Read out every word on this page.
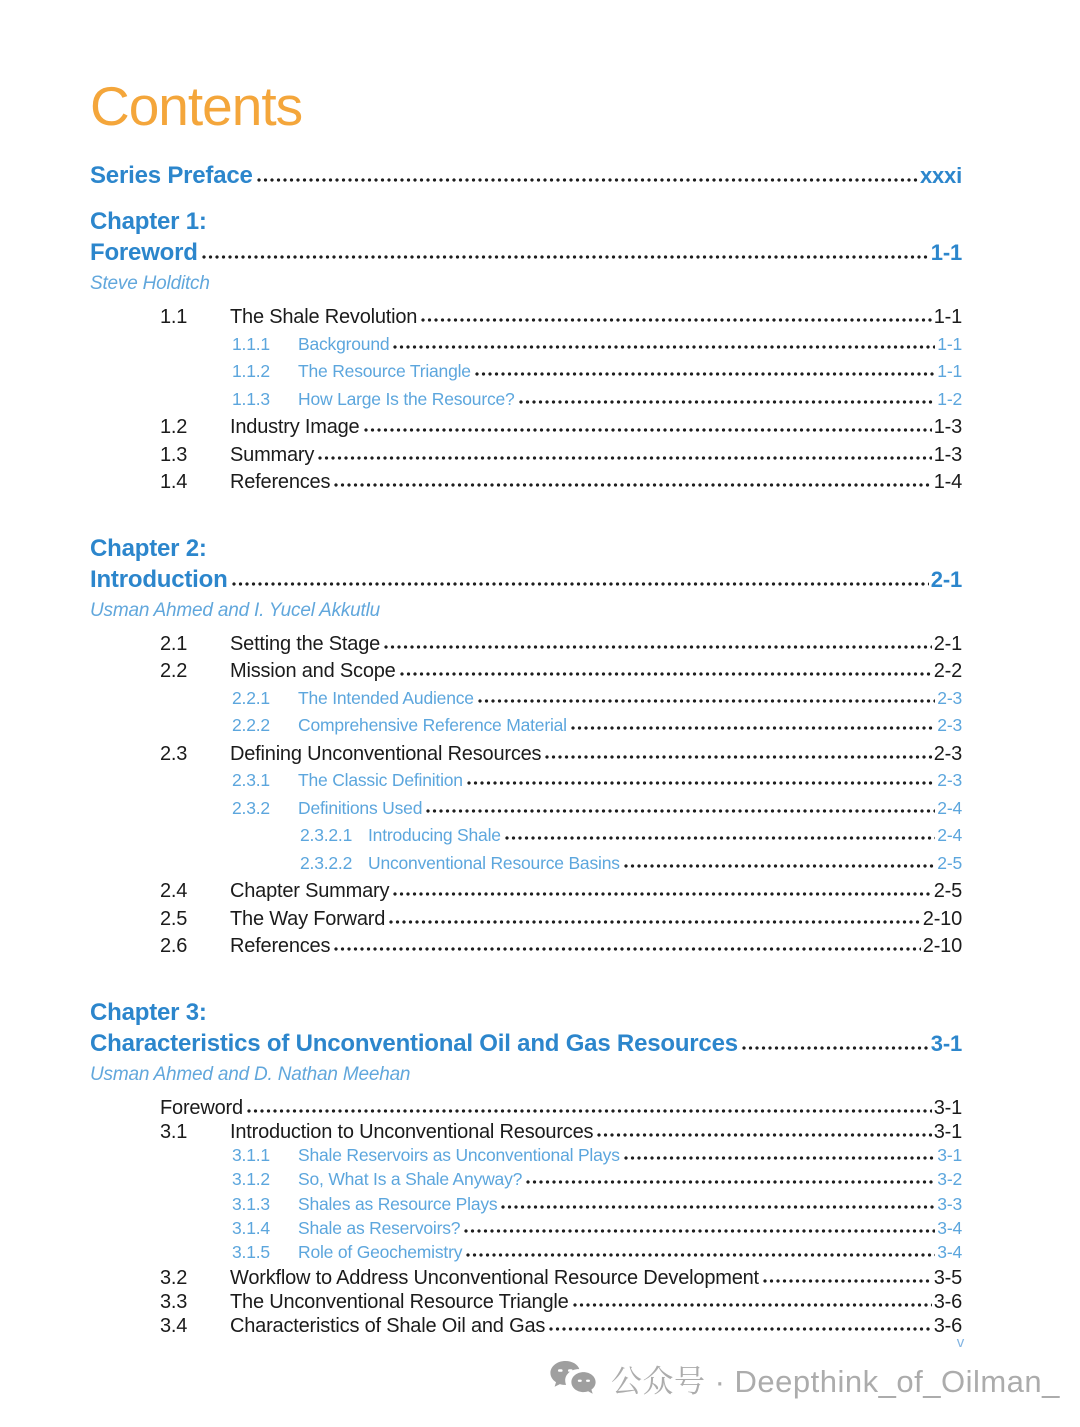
Contents
Series Preface	xxxi
Chapter 1:
Foreword	1-1
Steve Holditch
1.1	The Shale Revolution	1-1
1.1.1	Background	1-1
1.1.2	The Resource Triangle	1-1
1.1.3	How Large Is the Resource?	1-2
1.2	Industry Image	1-3
1.3	Summary	1-3
1.4	References	1-4
Chapter 2:
Introduction	2-1
Usman Ahmed and I. Yucel Akkutlu
2.1	Setting the Stage	2-1
2.2	Mission and Scope	2-2
2.2.1	The Intended Audience	2-3
2.2.2	Comprehensive Reference Material	2-3
2.3	Defining Unconventional Resources	2-3
2.3.1	The Classic Definition	2-3
2.3.2	Definitions Used	2-4
2.3.2.1 Introducing Shale	2-4
2.3.2.2 Unconventional Resource Basins	2-5
2.4	Chapter Summary	2-5
2.5	The Way Forward	2-10
2.6	References	2-10
Chapter 3:
Characteristics of Unconventional Oil and Gas Resources	3-1
Usman Ahmed and D. Nathan Meehan
Foreword	3-1
3.1	Introduction to Unconventional Resources	3-1
3.1.1	Shale Reservoirs as Unconventional Plays	3-1
3.1.2	So, What Is a Shale Anyway?	3-2
3.1.3	Shales as Resource Plays	3-3
3.1.4	Shale as Reservoirs?	3-4
3.1.5	Role of Geochemistry	3-4
3.2	Workflow to Address Unconventional Resource Development	3-5
3.3	The Unconventional Resource Triangle	3-6
3.4	Characteristics of Shale Oil and Gas	3-6
v
公众号 · Deepthink_of_Oilman_
